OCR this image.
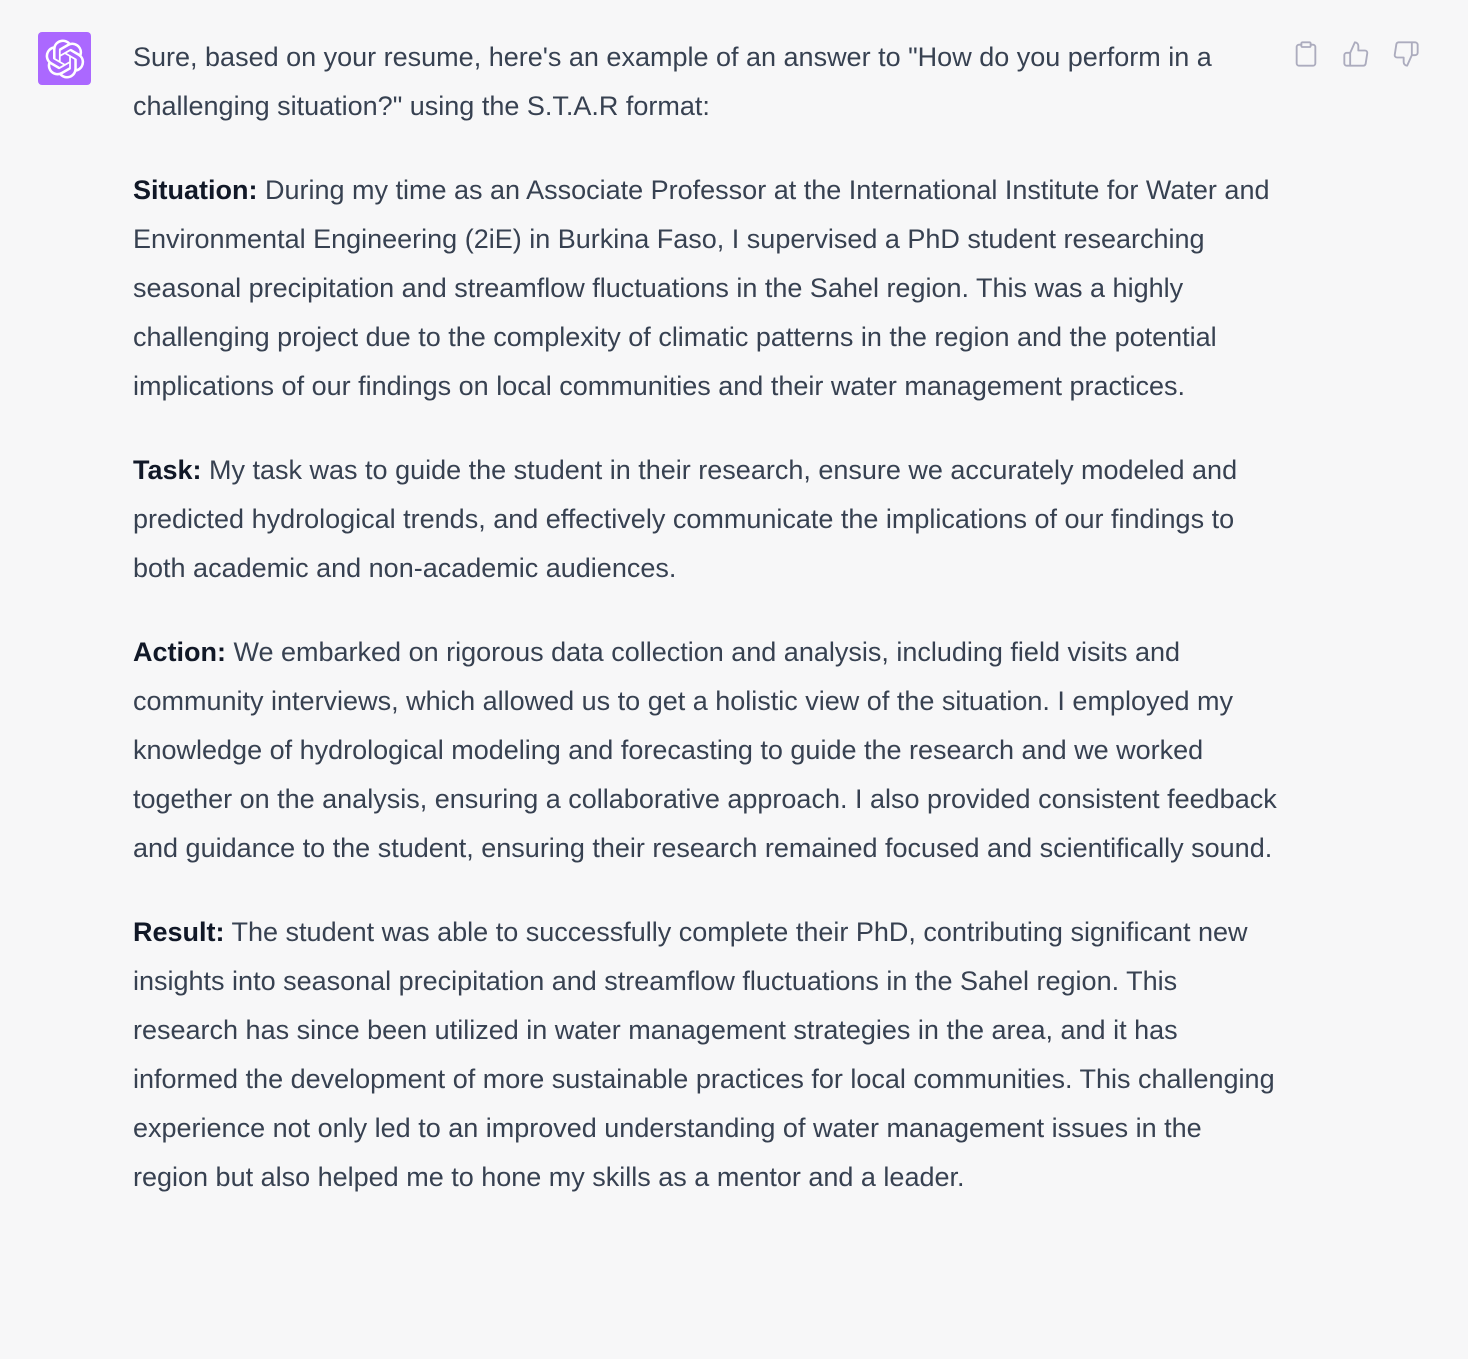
Sure, based on your resume, here's an example of an answer to "How do you perform in a challenging situation?" using the S.T.A.R format:

Situation: During my time as an Associate Professor at the International Institute for Water and Environmental Engineering (2iE) in Burkina Faso, I supervised a PhD student researching seasonal precipitation and streamflow fluctuations in the Sahel region. This was a highly challenging project due to the complexity of climatic patterns in the region and the potential implications of our findings on local communities and their water management practices.

Task: My task was to guide the student in their research, ensure we accurately modeled and predicted hydrological trends, and effectively communicate the implications of our findings to both academic and non-academic audiences.

Action: We embarked on rigorous data collection and analysis, including field visits and community interviews, which allowed us to get a holistic view of the situation. I employed my knowledge of hydrological modeling and forecasting to guide the research and we worked together on the analysis, ensuring a collaborative approach. I also provided consistent feedback and guidance to the student, ensuring their research remained focused and scientifically sound.

Result: The student was able to successfully complete their PhD, contributing significant new insights into seasonal precipitation and streamflow fluctuations in the Sahel region. This research has since been utilized in water management strategies in the area, and it has informed the development of more sustainable practices for local communities. This challenging experience not only led to an improved understanding of water management issues in the region but also helped me to hone my skills as a mentor and a leader.
